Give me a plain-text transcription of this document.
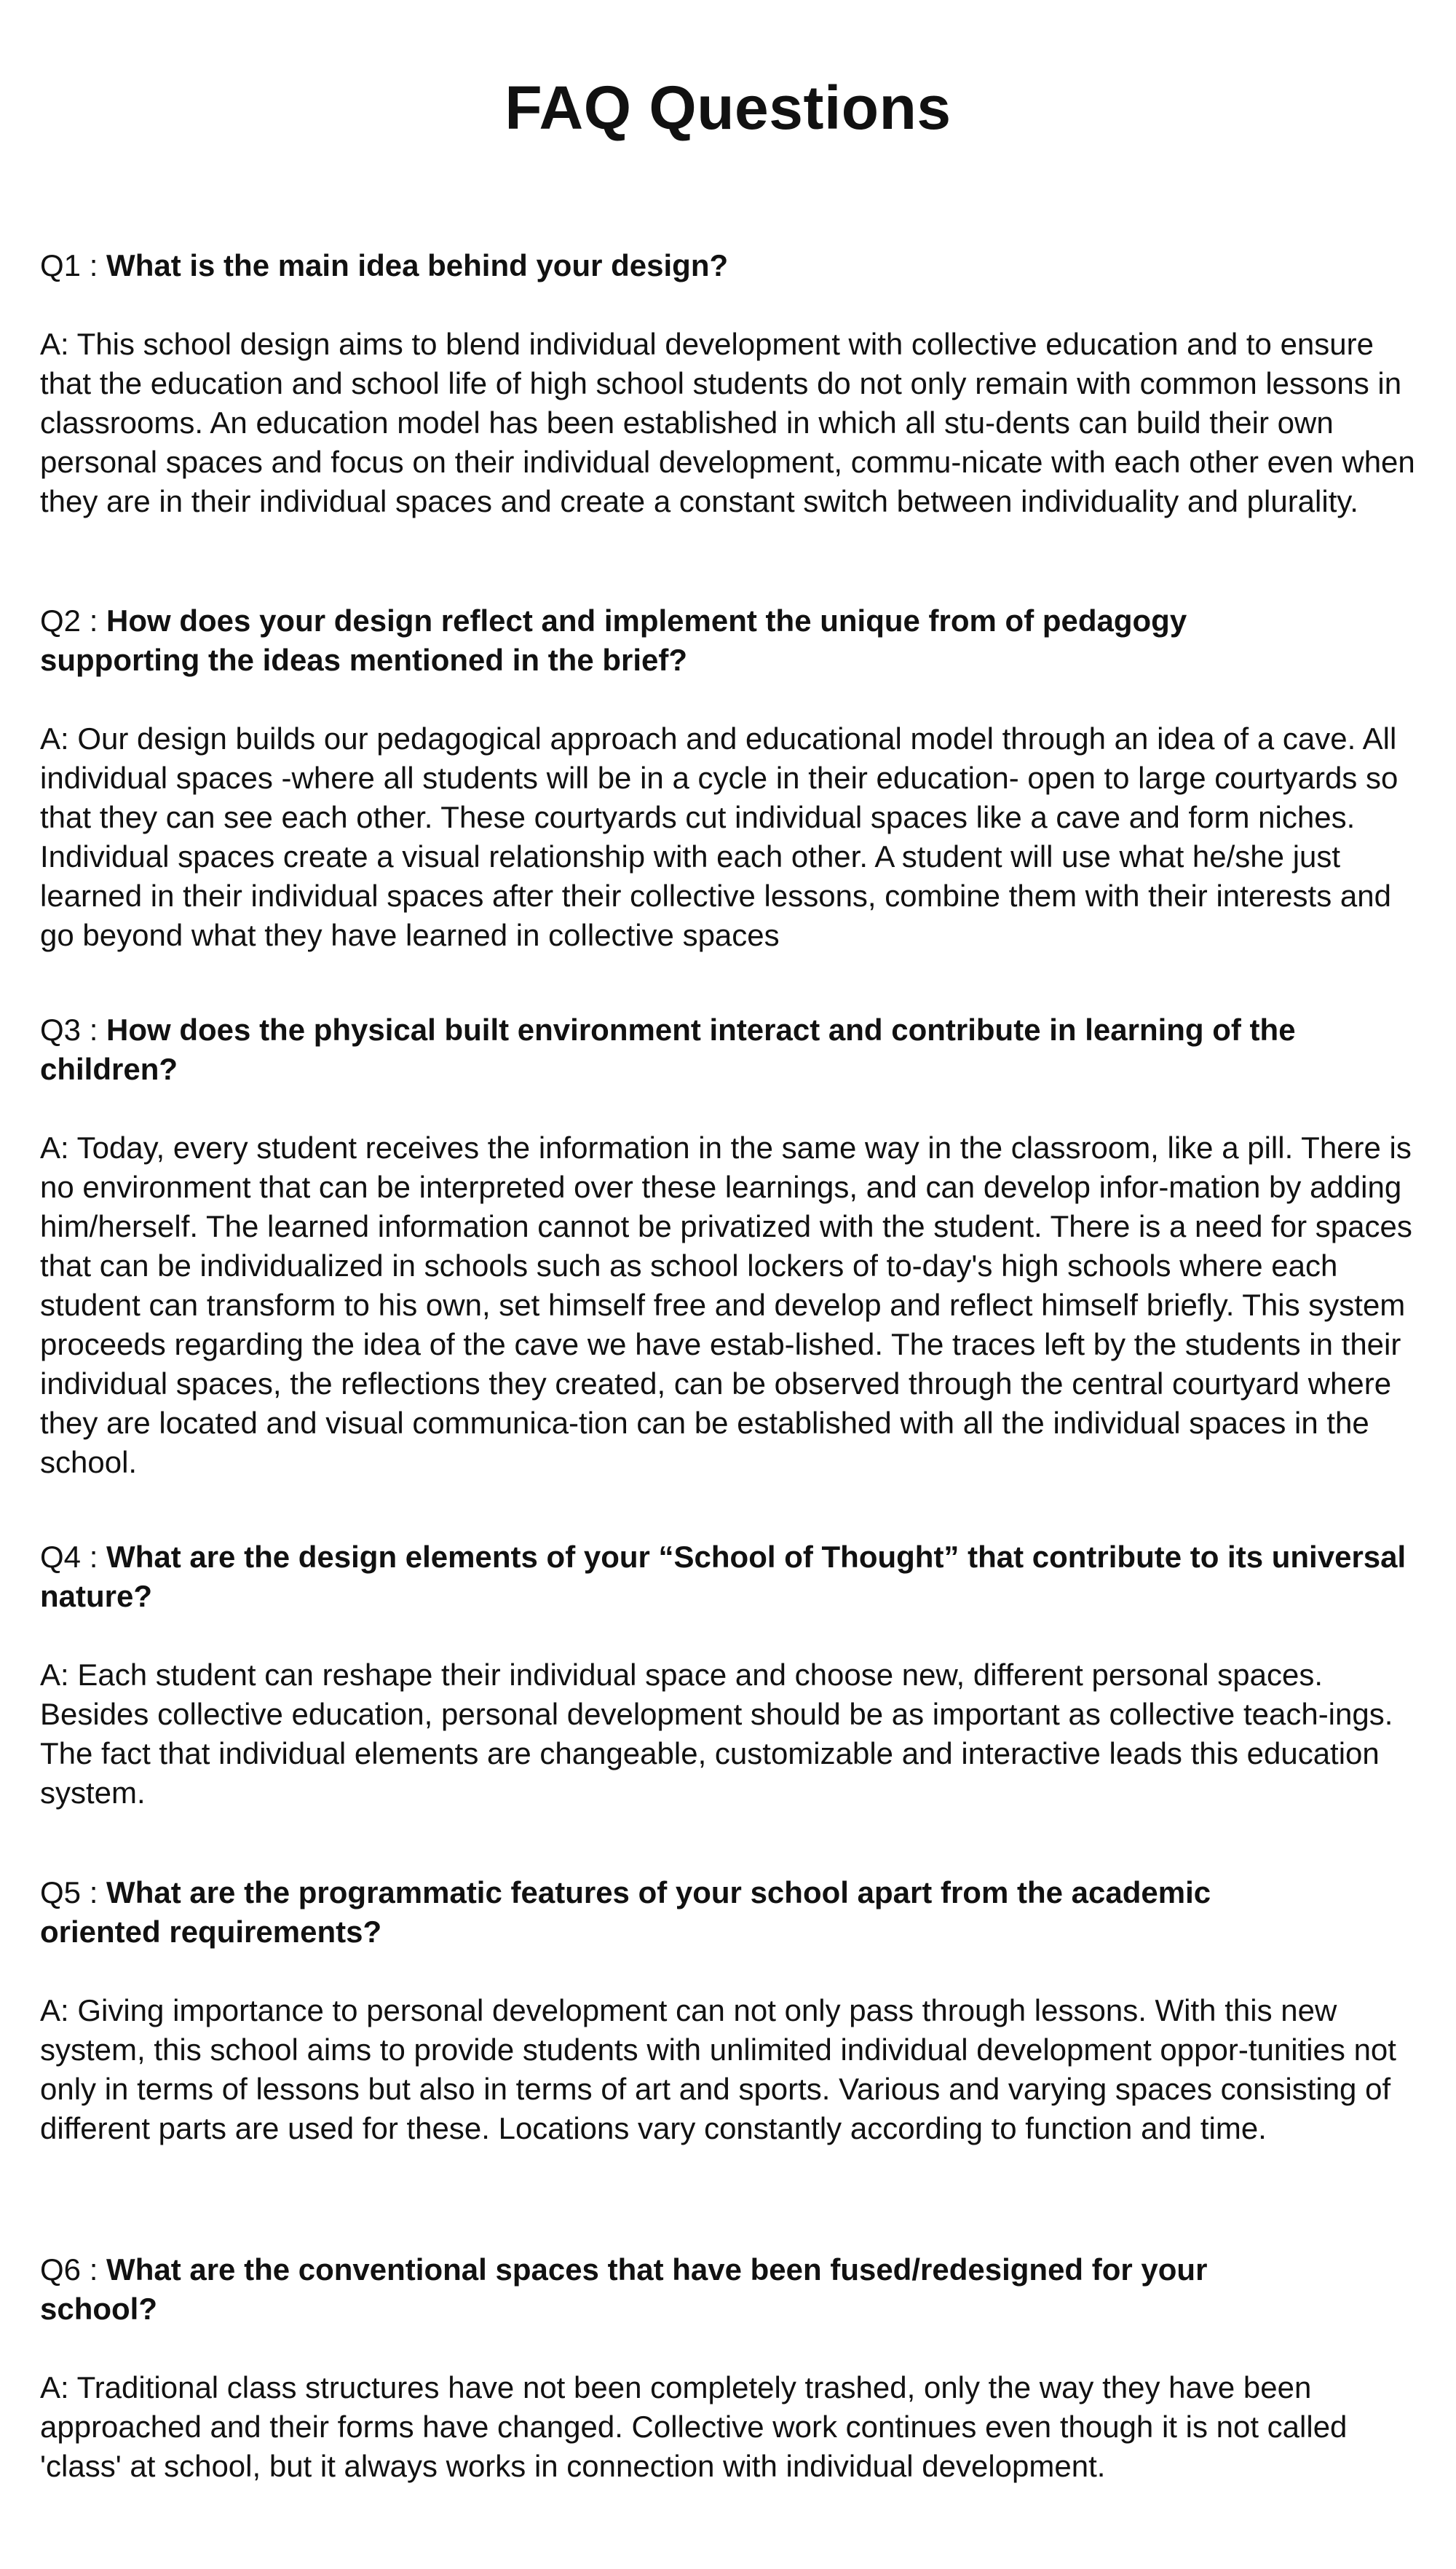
FAQ Questions

Q1 : What is the main idea behind your design?

A: This school design aims to blend individual development with collective education and to ensure that the education and school life of high school students do not only remain with common lessons in classrooms. An education model has been established in which all stu-dents can build their own personal spaces and focus on their individual development, commu-nicate with each other even when they are in their individual spaces and create a constant switch between individuality and plurality.

Q2 : How does your design reflect and implement the unique from of pedagogy supporting the ideas mentioned in the brief?

A: Our design builds our pedagogical approach and educational model through an idea of a cave. All individual spaces -where all students will be in a cycle in their education- open to large courtyards so that they can see each other. These courtyards cut individual spaces like a cave and form niches. Individual spaces create a visual relationship with each other. A student will use what he/she just learned in their individual spaces after their collective lessons, combine them with their interests and go beyond what they have learned in collective spaces

Q3 : How does the physical built environment interact and contribute in learning of the children?

A: Today, every student receives the information in the same way in the classroom, like a pill. There is no environment that can be interpreted over these learnings, and can develop infor-mation by adding him/herself. The learned information cannot be privatized with the student. There is a need for spaces that can be individualized in schools such as school lockers of to-day's high schools where each student can transform to his own, set himself free and develop and reflect himself briefly. This system proceeds regarding the idea of the cave we have estab-lished. The traces left by the students in their individual spaces, the reflections they created, can be observed through the central courtyard where they are located and visual communica-tion can be established with all the individual spaces in the school.

Q4 : What are the design elements of your “School of Thought” that contribute to its universal nature?

A: Each student can reshape their individual space and choose new, different personal spaces. Besides collective education, personal development should be as important as collective teach-ings. The fact that individual elements are changeable, customizable and interactive leads this education system.

Q5 : What are the programmatic features of your school apart from the academic oriented requirements?

A: Giving importance to personal development can not only pass through lessons. With this new system, this school aims to provide students with unlimited individual development oppor-tunities not only in terms of lessons but also in terms of art and sports. Various and varying spaces consisting of different parts are used for these. Locations vary constantly according to function and time.

Q6 : What are the conventional spaces that have been fused/redesigned for your school?

A: Traditional class structures have not been completely trashed, only the way they have been approached and their forms have changed. Collective work continues even though it is not called 'class' at school, but it always works in connection with individual development.
